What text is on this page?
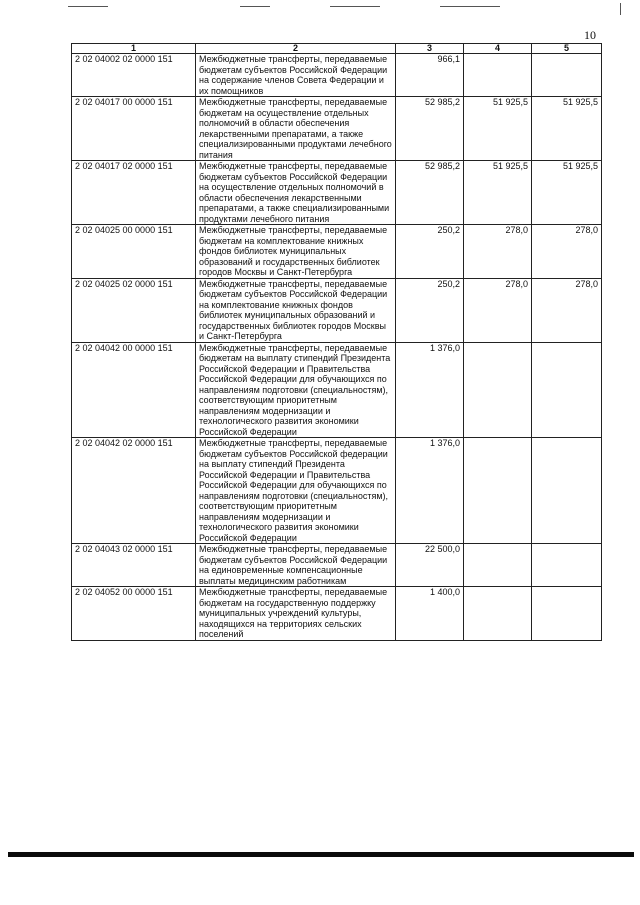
10
1	2	3	4	5
2 02 04002 02 0000 151	Межбюджетные трансферты, передаваемые бюджетам субъектов Российской Федерации на содержание членов Совета Федерации и их помощников	966,1		
2 02 04017 00 0000 151	Межбюджетные трансферты, передаваемые бюджетам на осуществление отдельных полномочий в области обеспечения лекарственными препаратами, а также специализированными продуктами лечебного питания	52 985,2	51 925,5	51 925,5
2 02 04017 02 0000 151	Межбюджетные трансферты, передаваемые бюджетам субъектов Российской Федерации на осуществление отдельных полномочий в области обеспечения лекарственными препаратами, а также специализированными продуктами лечебного питания	52 985,2	51 925,5	51 925,5
2 02 04025 00 0000 151	Межбюджетные трансферты, передаваемые бюджетам на комплектование книжных фондов библиотек муниципальных образований и государственных библиотек городов Москвы и Санкт-Петербурга	250,2	278,0	278,0
2 02 04025 02 0000 151	Межбюджетные трансферты, передаваемые бюджетам субъектов Российской Федерации на комплектование книжных фондов библиотек муниципальных образований и государственных библиотек городов Москвы и Санкт-Петербурга	250,2	278,0	278,0
2 02 04042 00 0000 151	Межбюджетные трансферты, передаваемые бюджетам на выплату стипендий Президента Российской Федерации и Правительства Российской Федерации для обучающихся по направлениям подготовки (специальностям), соответствующим приоритетным направлениям модернизации и технологического развития экономики Российской Федерации	1 376,0		
2 02 04042 02 0000 151	Межбюджетные трансферты, передаваемые бюджетам субъектов Российской федерации на выплату стипендий Президента Российской Федерации и Правительства Российской Федерации для обучающихся по направлениям подготовки (специальностям), соответствующим приоритетным направлениям модернизации и технологического развития экономики Российской Федерации	1 376,0		
2 02 04043 02 0000 151	Межбюджетные трансферты, передаваемые бюджетам субъектов Российской Федерации на единовременные компенсационные выплаты медицинским работникам	22 500,0		
2 02 04052 00 0000 151	Межбюджетные трансферты, передаваемые бюджетам на государственную поддержку муниципальных учреждений культуры, находящихся на территориях сельских поселений	1 400,0		
